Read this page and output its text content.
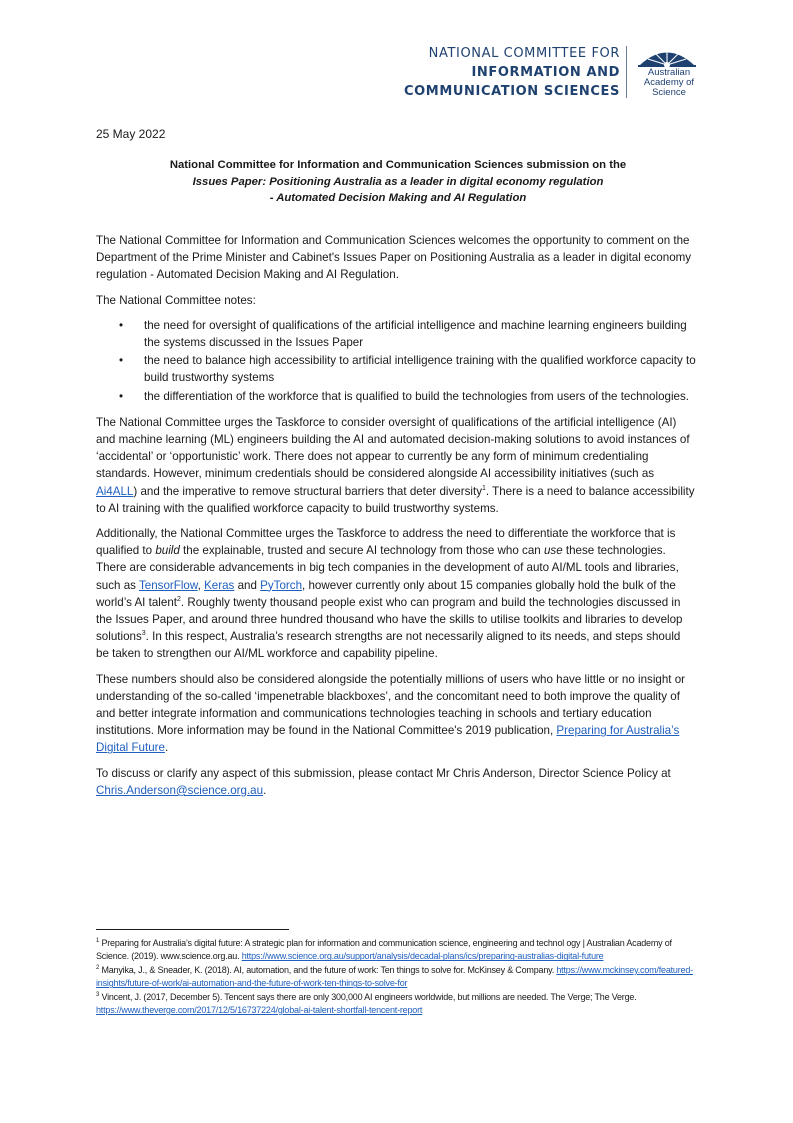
NATIONAL COMMITTEE FOR
INFORMATION AND
COMMUNICATION SCIENCES
Australian
Academy of
Science
25 May 2022
National Committee for Information and Communication Sciences submission on the
Issues Paper: Positioning Australia as a leader in digital economy regulation
- Automated Decision Making and AI Regulation

The National Committee for Information and Communication Sciences welcomes the opportunity to comment on the Department of the Prime Minister and Cabinet's Issues Paper on Positioning Australia as a leader in digital economy regulation - Automated Decision Making and AI Regulation.

The National Committee notes:

• the need for oversight of qualifications of the artificial intelligence and machine learning engineers building the systems discussed in the Issues Paper
• the need to balance high accessibility to artificial intelligence training with the qualified workforce capacity to build trustworthy systems
• the differentiation of the workforce that is qualified to build the technologies from users of the technologies.

The National Committee urges the Taskforce to consider oversight of qualifications of the artificial intelligence (AI) and machine learning (ML) engineers building the AI and automated decision-making solutions to avoid instances of ‘accidental’ or ‘opportunistic’ work. There does not appear to currently be any form of minimum credentialing standards. However, minimum credentials should be considered alongside AI accessibility initiatives (such as Ai4ALL) and the imperative to remove structural barriers that deter diversity$^1$. There is a need to balance accessibility to AI training with the qualified workforce capacity to build trustworthy systems.

Additionally, the National Committee urges the Taskforce to address the need to differentiate the workforce that is qualified to build the explainable, trusted and secure AI technology from those who can use these technologies. There are considerable advancements in big tech companies in the development of auto AI/ML tools and libraries, such as TensorFlow, Keras and PyTorch, however currently only about 15 companies globally hold the bulk of the world’s AI talent$^2$. Roughly twenty thousand people exist who can program and build the technologies discussed in the Issues Paper, and around three hundred thousand who have the skills to utilise toolkits and libraries to develop solutions$^3$. In this respect, Australia’s research strengths are not necessarily aligned to its needs, and steps should be taken to strengthen our AI/ML workforce and capability pipeline.

These numbers should also be considered alongside the potentially millions of users who have little or no insight or understanding of the so-called ‘impenetrable blackboxes’, and the concomitant need to both improve the quality of and better integrate information and communications technologies teaching in schools and tertiary education institutions. More information may be found in the National Committee's 2019 publication, Preparing for Australia’s Digital Future.

To discuss or clarify any aspect of this submission, please contact Mr Chris Anderson, Director Science Policy at Chris.Anderson@science.org.au.

$^1$ Preparing for Australia’s digital future: A strategic plan for information and communication science, engineering and technol ogy | Australian Academy of Science. (2019). www.science.org.au. https://www.science.org.au/support/analysis/decadal-plans/ics/preparing-australias-digital-future

$^2$ Manyika, J., & Sneader, K. (2018). AI, automation, and the future of work: Ten things to solve for. McKinsey & Company. https://www.mckinsey.com/featured-insights/future-of-work/ai-automation-and-the-future-of-work-ten-things-to-solve-for

$^3$ Vincent, J. (2017, December 5). Tencent says there are only 300,000 AI engineers worldwide, but millions are needed. The Verge; The Verge. https://www.theverge.com/2017/12/5/16737224/global-ai-talent-shortfall-tencent-report
